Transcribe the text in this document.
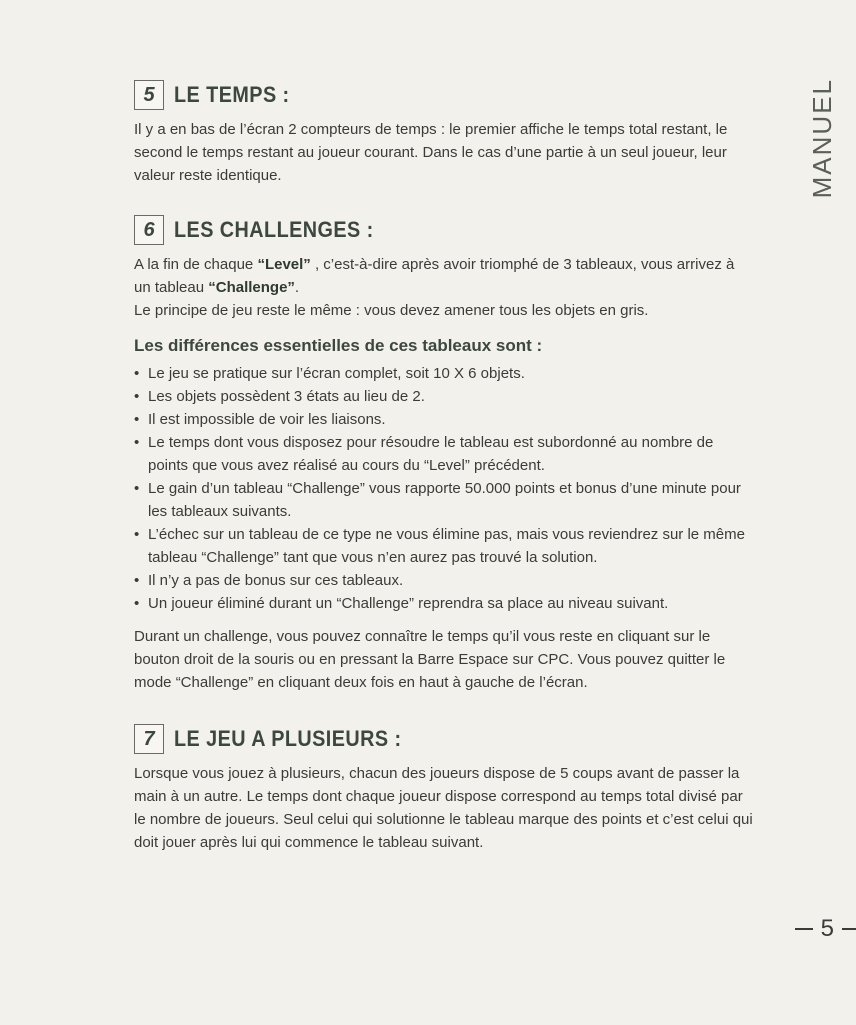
MANUEL
5 LE TEMPS :

Il y a en bas de l’écran 2 compteurs de temps : le premier affiche le temps total restant, le second le temps restant au joueur courant. Dans le cas d’une partie à un seul joueur, leur valeur reste identique.

6 LES CHALLENGES :

A la fin de chaque “Level” , c’est-à-dire après avoir triomphé de 3 tableaux, vous arrivez à un tableau “Challenge”.

Le principe de jeu reste le même : vous devez amener tous les objets en gris.

Les différences essentielles de ces tableaux sont :
• Le jeu se pratique sur l’écran complet, soit 10 X 6 objets.
• Les objets possèdent 3 états au lieu de 2.
• Il est impossible de voir les liaisons.
• Le temps dont vous disposez pour résoudre le tableau est subordonné au nombre de points que vous avez réalisé au cours du “Level” précédent.
• Le gain d’un tableau “Challenge” vous rapporte 50.000 points et bonus d’une minute pour les tableaux suivants.
• L’échec sur un tableau de ce type ne vous élimine pas, mais vous reviendrez sur le même tableau “Challenge” tant que vous n’en aurez pas trouvé la solution.
• Il n’y a pas de bonus sur ces tableaux.
• Un joueur éliminé durant un “Challenge” reprendra sa place au niveau suivant.

Durant un challenge, vous pouvez connaître le temps qu’il vous reste en cliquant sur le bouton droit de la souris ou en pressant la Barre Espace sur CPC. Vous pouvez quitter le mode “Challenge” en cliquant deux fois en haut à gauche de l’écran.

7 LE JEU A PLUSIEURS :

Lorsque vous jouez à plusieurs, chacun des joueurs dispose de 5 coups avant de passer la main à un autre. Le temps dont chaque joueur dispose correspond au temps total divisé par le nombre de joueurs. Seul celui qui solutionne le tableau marque des points et c’est celui qui doit jouer après lui qui commence le tableau suivant.

5
